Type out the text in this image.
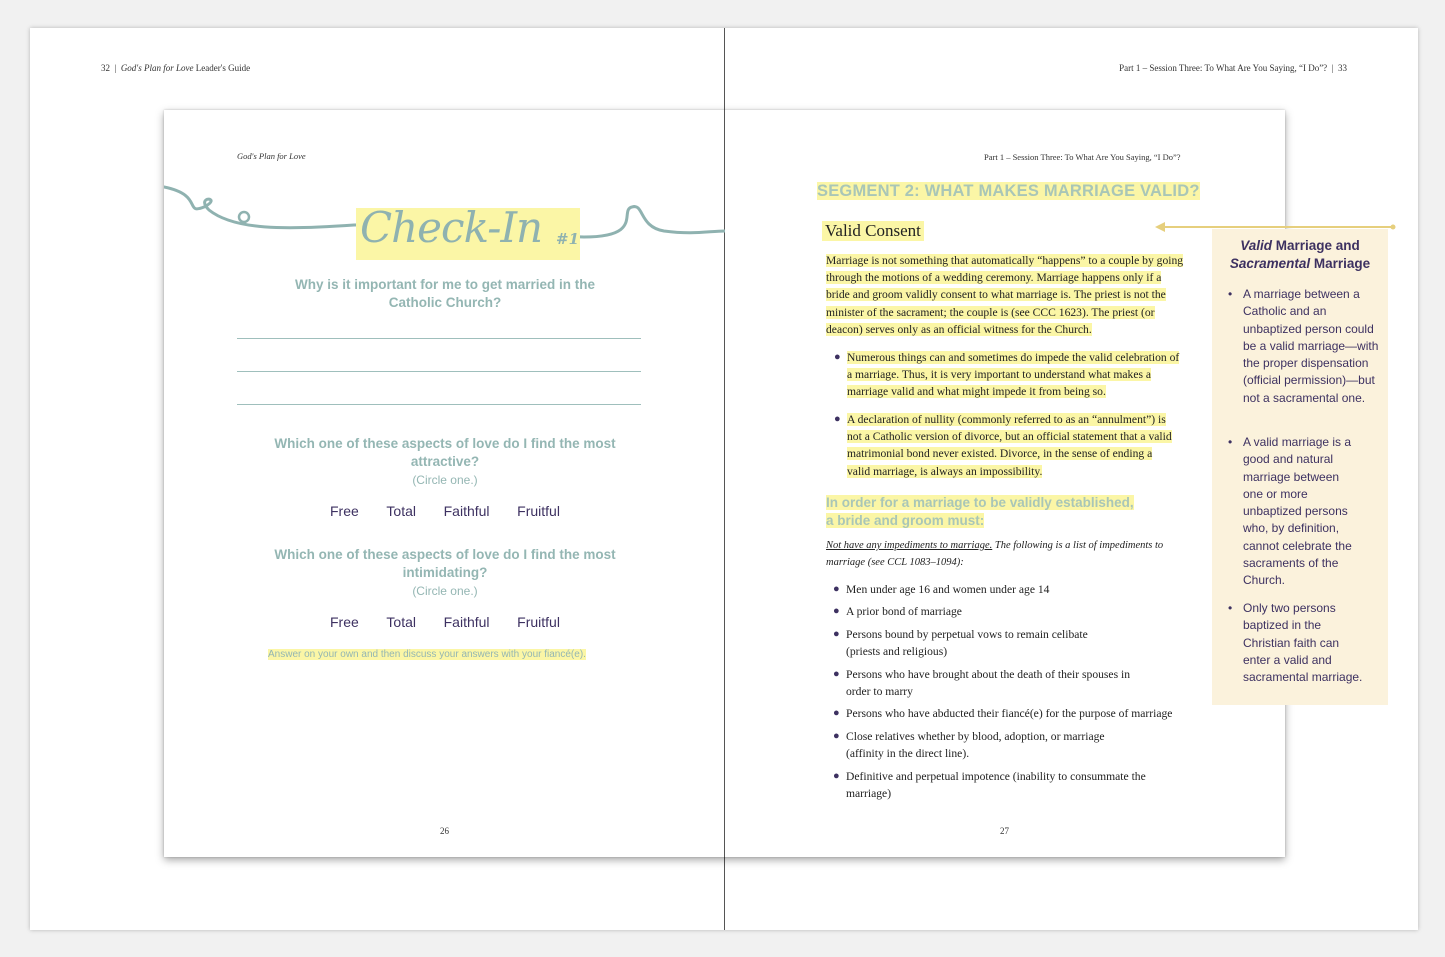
32 | God's Plan for Love Leader's Guide	Part 1 – Session Three: To What Are You Saying, “I Do”? | 33
God's Plan for Love
Check-In #1
Why is it important for me to get married in the Catholic Church?
Which one of these aspects of love do I find the most attractive?
(Circle one.)
Free Total Faithful Fruitful
Which one of these aspects of love do I find the most intimidating?
(Circle one.)
Free Total Faithful Fruitful
Answer on your own and then discuss your answers with your fiancé(e).
26
Part 1 – Session Three: To What Are You Saying, “I Do”?
SEGMENT 2: WHAT MAKES MARRIAGE VALID?
Valid Consent
Marriage is not something that automatically “happens” to a couple by going through the motions of a wedding ceremony. Marriage happens only if a bride and groom validly consent to what marriage is. The priest is not the minister of the sacrament; the couple is (see CCC 1623). The priest (or deacon) serves only as an official witness for the Church.
● Numerous things can and sometimes do impede the valid celebration of a marriage. Thus, it is very important to understand what makes a marriage valid and what might impede it from being so.
● A declaration of nullity (commonly referred to as an “annulment”) is not a Catholic version of divorce, but an official statement that a valid matrimonial bond never existed. Divorce, in the sense of ending a valid marriage, is always an impossibility.
In order for a marriage to be validly established,
a bride and groom must:
Not have any impediments to marriage. The following is a list of impediments to marriage (see CCL 1083–1094):
● Men under age 16 and women under age 14
● A prior bond of marriage
● Persons bound by perpetual vows to remain celibate (priests and religious)
● Persons who have brought about the death of their spouses in order to marry
● Persons who have abducted their fiancé(e) for the purpose of marriage
● Close relatives whether by blood, adoption, or marriage (affinity in the direct line).
● Definitive and perpetual impotence (inability to consummate the marriage)
27
Valid Marriage and
Sacramental Marriage
• A marriage between a Catholic and an unbaptized person could be a valid marriage—with the proper dispensation (official permission)—but not a sacramental one.
• A valid marriage is a good and natural marriage between one or more unbaptized persons who, by definition, cannot celebrate the sacraments of the Church.
• Only two persons baptized in the Christian faith can enter a valid and sacramental marriage.
